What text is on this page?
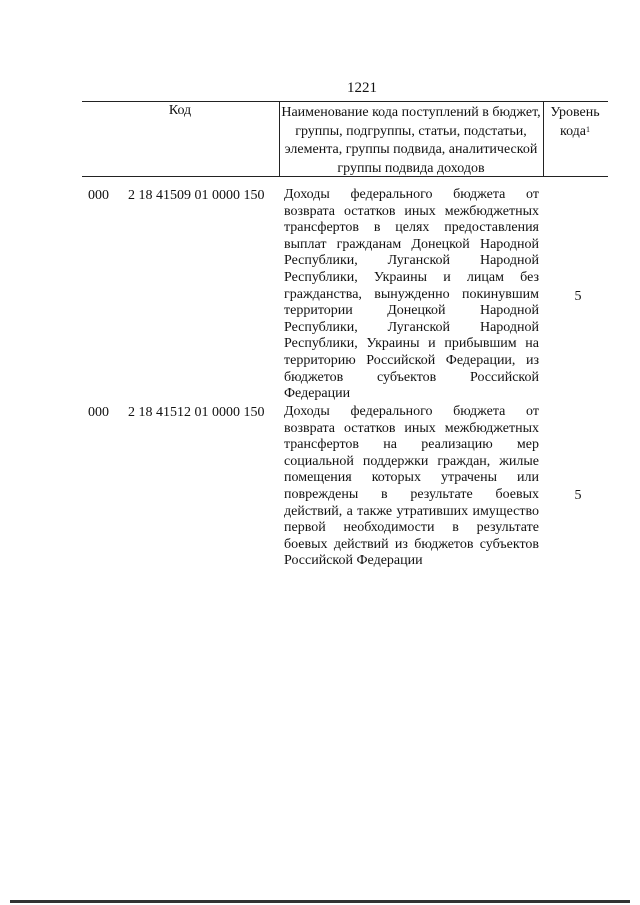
1221
Код	Наименование кода поступлений в бюджет, группы, подгруппы, статьи, подстатьи, элемента, группы подвида, аналитической группы подвида доходов
Уровень кода$^1$
000 2 18 41509 01 0000 150 Доходы федерального бюджета от возврата остатков иных межбюджетных трансфертов в целях предоставления выплат гражданам Донецкой Народной Республики, Луганской Народной Республики, Украины и лицам без гражданства, вынужденно покинувшим территории Донецкой Народной Республики, Луганской Народной Республики, Украины и прибывшим на территорию Российской Федерации, из бюджетов субъектов Российской Федерации
5
000 2 18 41512 01 0000 150 Доходы федерального бюджета от возврата остатков иных межбюджетных трансфертов на реализацию мер социальной поддержки граждан, жилые помещения которых утрачены или повреждены в результате боевых действий, а также утративших имущество первой необходимости в результате боевых действий из бюджетов субъектов Российской Федерации
5
